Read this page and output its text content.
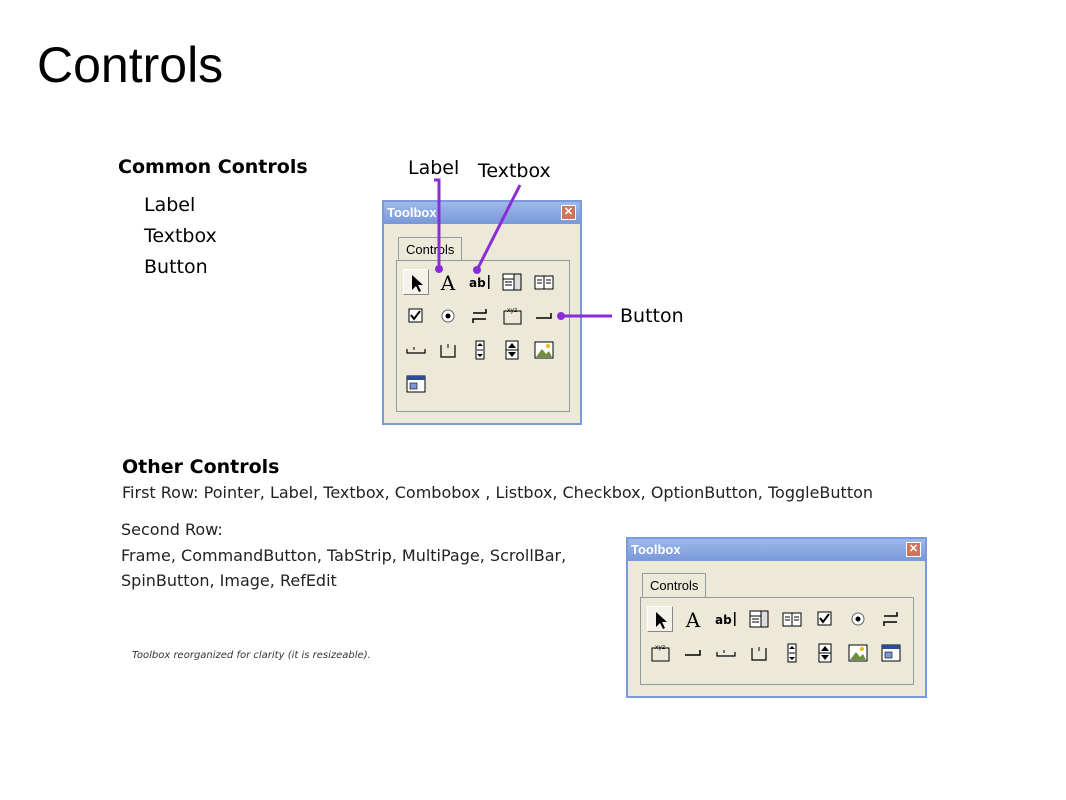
Controls
Common Controls
Label
Textbox
Button
Label Textbox
Button
Toolbox	✕
Controls
A ab
xyz
Other Controls
First Row: Pointer, Label, Textbox, Combobox , Listbox, Checkbox, OptionButton, ToggleButton
Second Row:
Frame, CommandButton, TabStrip, MultiPage, ScrollBar,
SpinButton, Image, RefEdit
Toolbox reorganized for clarity (it is resizeable).
Toolbox	✕
Controls
A ab
xyz
